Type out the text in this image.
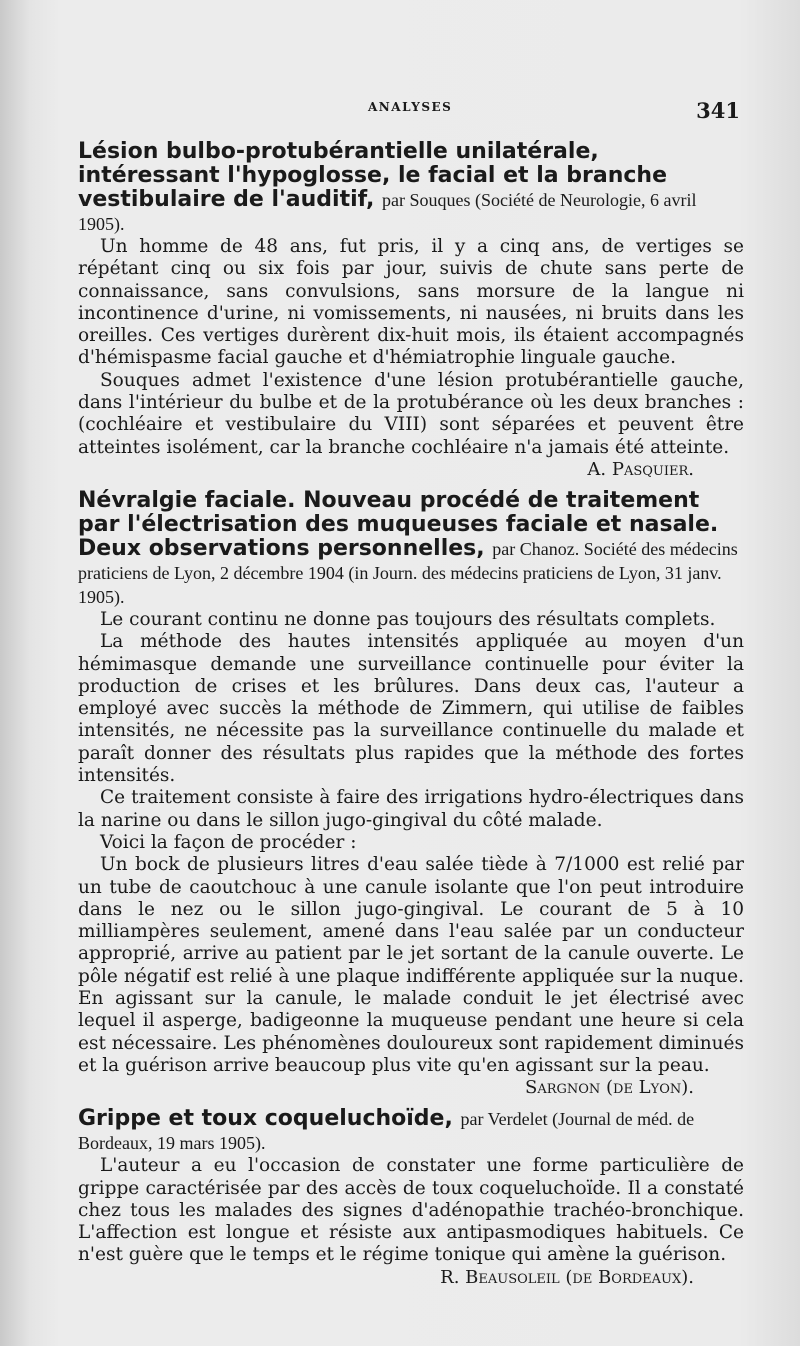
ANALYSES	341
Lésion bulbo-protubérantielle unilatérale, intéressant l'hypoglosse, le facial et la branche vestibulaire de l'auditif, par Souques (Société de Neurologie, 6 avril 1905).

Un homme de 48 ans, fut pris, il y a cinq ans, de vertiges se répétant cinq ou six fois par jour, suivis de chute sans perte de connaissance, sans convulsions, sans morsure de la langue ni incontinence d'urine, ni vomissements, ni nausées, ni bruits dans les oreilles. Ces vertiges durèrent dix-huit mois, ils étaient accompagnés d'hémispasme facial gauche et d'hémiatrophie linguale gauche.

Souques admet l'existence d'une lésion protubérantielle gauche, dans l'intérieur du bulbe et de la protubérance où les deux branches : (cochléaire et vestibulaire du VIII) sont séparées et peuvent être atteintes isolément, car la branche cochléaire n'a jamais été atteinte.

A. Pasquier.

Névralgie faciale. Nouveau procédé de traitement par l'électrisation des muqueuses faciale et nasale. Deux observations personnelles, par Chanoz. Société des médecins praticiens de Lyon, 2 décembre 1904 (in Journ. des médecins praticiens de Lyon, 31 janv. 1905).

Le courant continu ne donne pas toujours des résultats complets.

La méthode des hautes intensités appliquée au moyen d'un hémimasque demande une surveillance continuelle pour éviter la production de crises et les brûlures. Dans deux cas, l'auteur a employé avec succès la méthode de Zimmern, qui utilise de faibles intensités, ne nécessite pas la surveillance continuelle du malade et paraît donner des résultats plus rapides que la méthode des fortes intensités.

Ce traitement consiste à faire des irrigations hydro-électriques dans la narine ou dans le sillon jugo-gingival du côté malade.

Voici la façon de procéder :

Un bock de plusieurs litres d'eau salée tiède à 7/1000 est relié par un tube de caoutchouc à une canule isolante que l'on peut introduire dans le nez ou le sillon jugo-gingival. Le courant de 5 à 10 milliampères seulement, amené dans l'eau salée par un conducteur approprié, arrive au patient par le jet sortant de la canule ouverte. Le pôle négatif est relié à une plaque indifférente appliquée sur la nuque. En agissant sur la canule, le malade conduit le jet électrisé avec lequel il asperge, badigeonne la muqueuse pendant une heure si cela est nécessaire. Les phénomènes douloureux sont rapidement diminués et la guérison arrive beaucoup plus vite qu'en agissant sur la peau.

Sargnon (de Lyon).

Grippe et toux coqueluchoïde, par Verdelet (Journal de méd. de Bordeaux, 19 mars 1905).

L'auteur a eu l'occasion de constater une forme particulière de grippe caractérisée par des accès de toux coqueluchoïde. Il a constaté chez tous les malades des signes d'adénopathie trachéo-bronchique. L'affection est longue et résiste aux antipasmodiques habituels. Ce n'est guère que le temps et le régime tonique qui amène la guérison.

R. Beausoleil (de Bordeaux).
